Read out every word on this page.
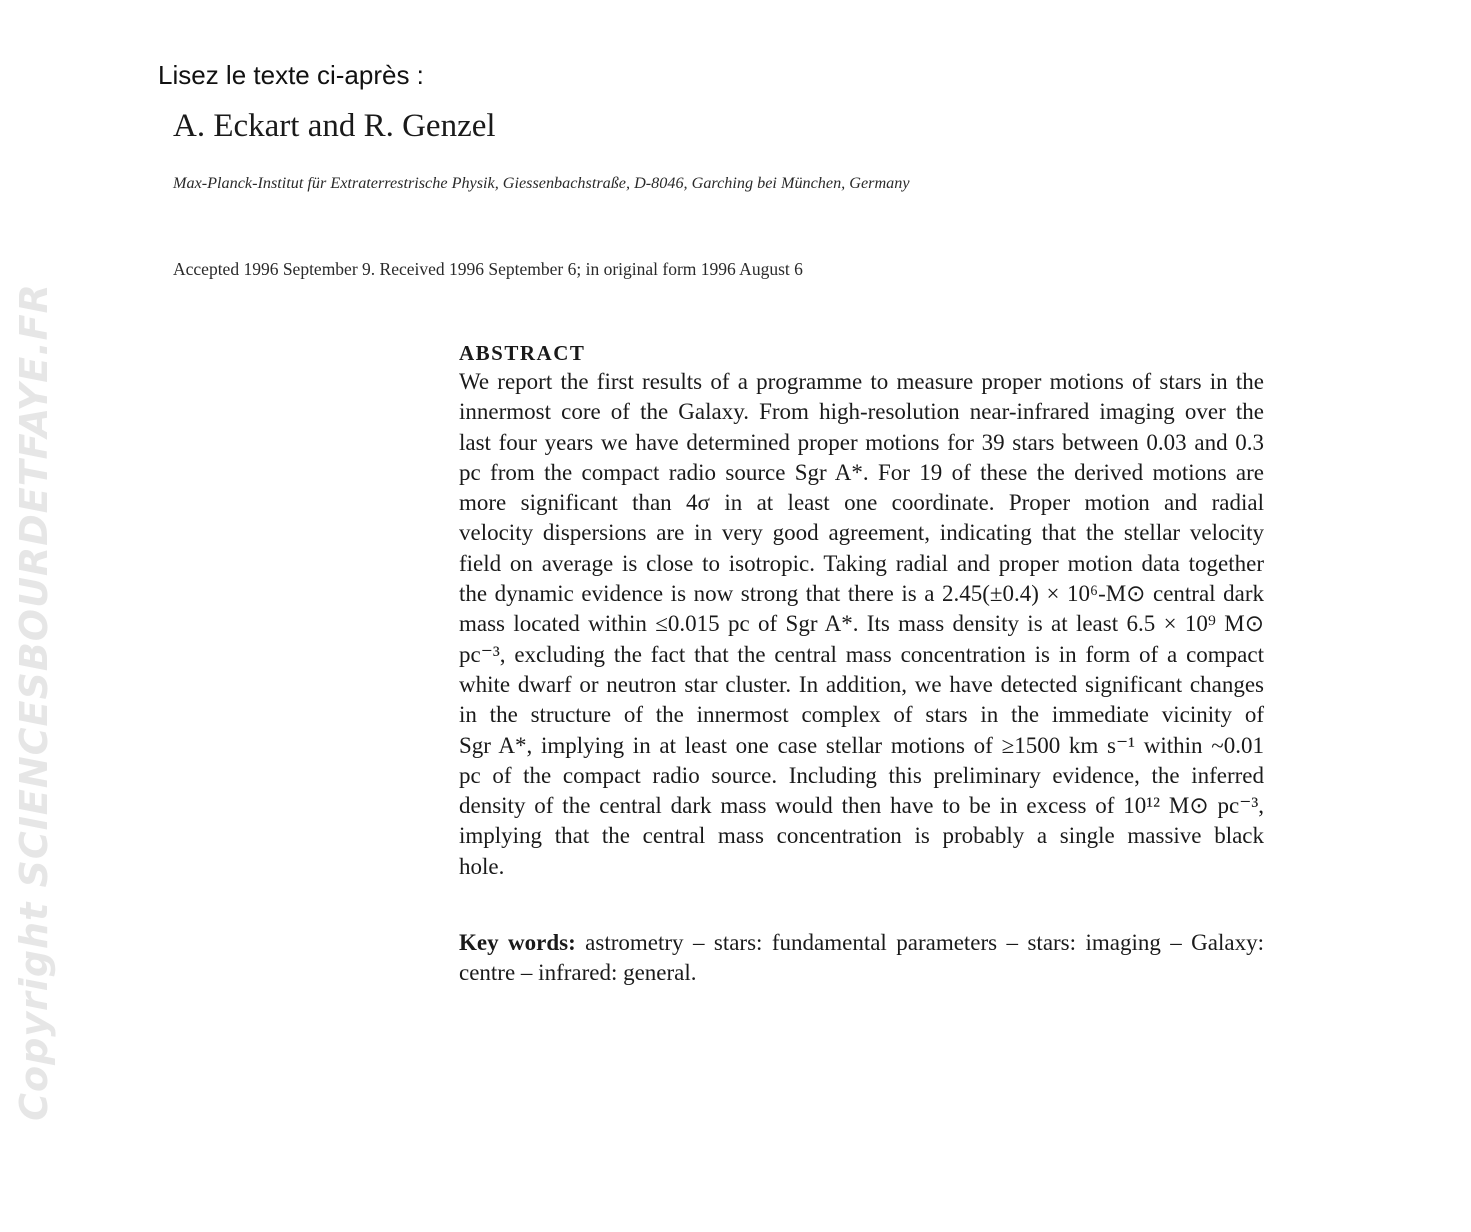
Copyright SCIENCESBOURDETFAYE.FR
Lisez le texte ci-après :
A. Eckart and R. Genzel
Max-Planck-Institut für Extraterrestrische Physik, Giessenbachstraße, D-8046, Garching bei München, Germany
Accepted 1996 September 9. Received 1996 September 6; in original form 1996 August 6
ABSTRACT
We report the first results of a programme to measure proper motions of stars in the
innermost core of the Galaxy. From high-resolution near-infrared imaging over the
last four years we have determined proper motions for 39 stars between 0.03 and 0.3
pc from the compact radio source Sgr A*. For 19 of these the derived motions are
more significant than 4σ in at least one coordinate. Proper motion and radial
velocity dispersions are in very good agreement, indicating that the stellar velocity
field on average is close to isotropic. Taking radial and proper motion data together
the dynamic evidence is now strong that there is a 2.45(±0.4) × 10⁶-M⊙ central dark
mass located within ≤0.015 pc of Sgr A*. Its mass density is at least 6.5 × 10⁹ M⊙
pc⁻³, excluding the fact that the central mass concentration is in form of a compact
white dwarf or neutron star cluster. In addition, we have detected significant changes
in the structure of the innermost complex of stars in the immediate vicinity of
Sgr A*, implying in at least one case stellar motions of ≥1500 km s⁻¹ within ~0.01
pc of the compact radio source. Including this preliminary evidence, the inferred
density of the central dark mass would then have to be in excess of 10¹² M⊙ pc⁻³,
implying that the central mass concentration is probably a single massive black
hole.
Key words: astrometry – stars: fundamental parameters – stars: imaging – Galaxy:
centre – infrared: general.
